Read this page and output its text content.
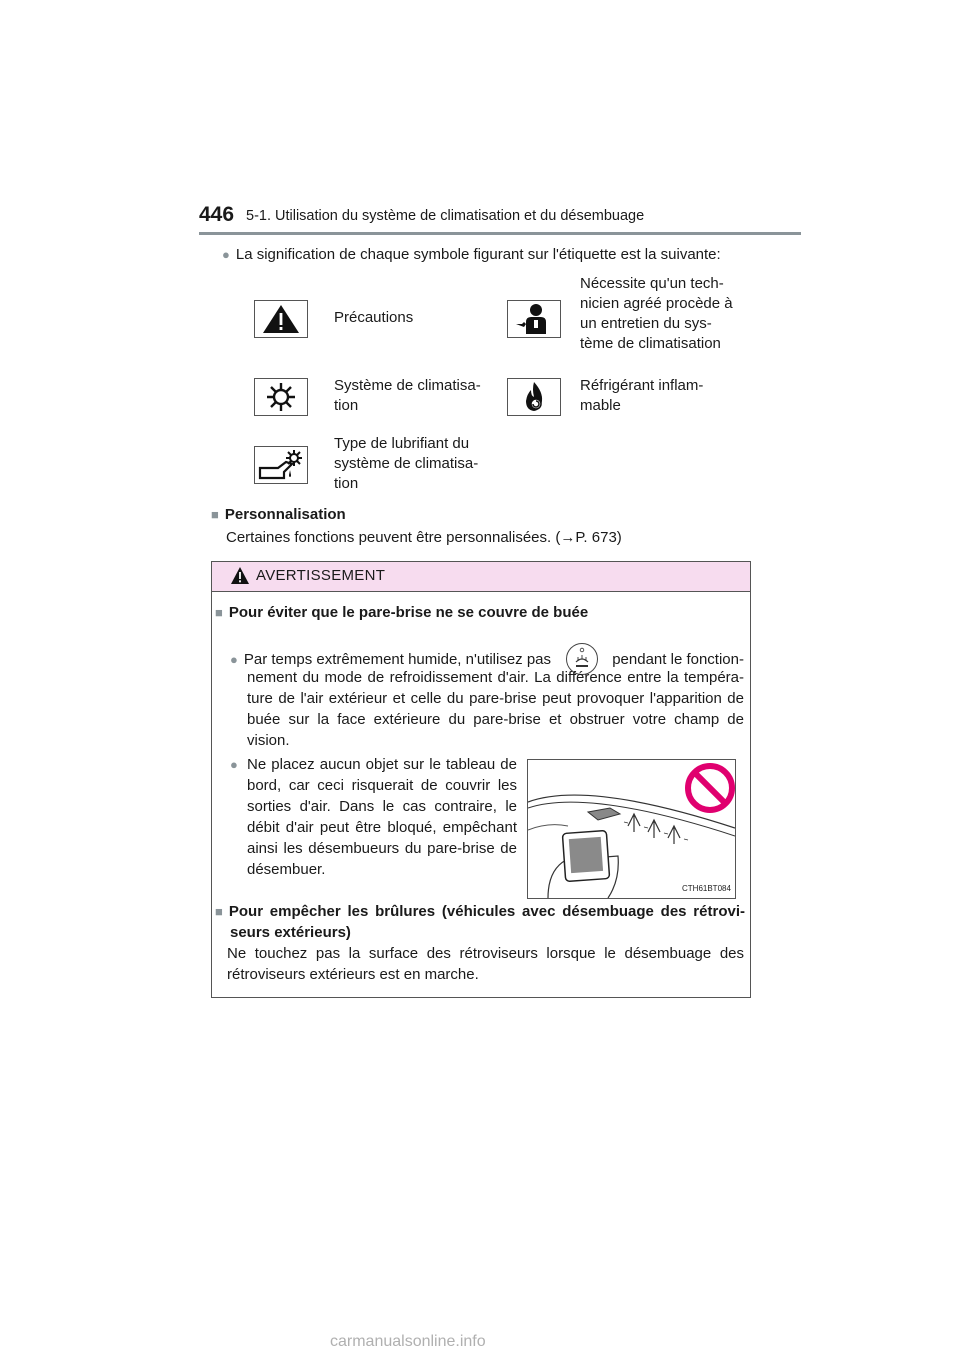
446 5-1. Utilisation du système de climatisation et du désembuage
● La signification de chaque symbole figurant sur l'étiquette est la suivante:
Précautions
Nécessite qu'un tech-
nicien agréé procède à
un entretien du sys-
tème de climatisation
Système de climatisa-
tion
Réfrigérant inflam-
mable
Type de lubrifiant du
système de climatisa-
tion
■ Personnalisation
Certaines fonctions peuvent être personnalisées. (→P. 673)
AVERTISSEMENT
■ Pour éviter que le pare-brise ne se couvre de buée
● Par temps extrêmement humide, n'utilisez pas	pendant le fonction-
nement du mode de refroidissement d'air. La différence entre la tempéra-
ture de l'air extérieur et celle du pare-brise peut provoquer l'apparition de
buée sur la face extérieure du pare-brise et obstruer votre champ de
vision.
● Ne placez aucun objet sur le tableau de
bord, car ceci risquerait de couvrir les
sorties d'air. Dans le cas contraire, le
débit d'air peut être bloqué, empêchant
ainsi les désembueurs du pare-brise de
désembuer.
CTH61BT084
■ Pour empêcher les brûlures (véhicules avec désembuage des rétrovi-
seurs extérieurs)
Ne touchez pas la surface des rétroviseurs lorsque le désembuage des
rétroviseurs extérieurs est en marche.
carmanualsonline.info
